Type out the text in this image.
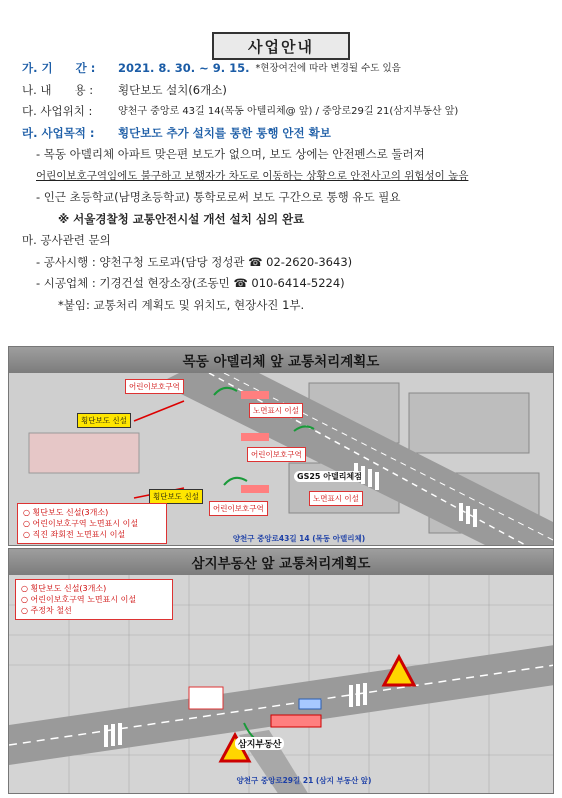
사업안내
가. 기　　간 :	2021. 8. 30. ~ 9. 15. *현장여건에 따라 변경될 수도 있음
나. 내　　용 :	횡단보도 설치(6개소)
다. 사업위치 :	양천구 중앙로 43길 14(목동 아텔리체@ 앞) / 중앙로29길 21(삼지부동산 앞)
라. 사업목적 :	횡단보도 추가 설치를 통한 통행 안전 확보
- 목동 아델리체 아파트 맞은편 보도가 없으며, 보도 상에는 안전펜스로 둘러져
어린이보호구역임에도 불구하고 보행자가 차도로 이동하는 상황으로 안전사고의 위험성이 높음
- 인근 초등학교(남명초등학교) 통학로로써 보도 구간으로 통행 유도 필요
※ 서울경찰청 교통안전시설 개선 설치 심의 완료
마. 공사관련 문의
- 공사시행 : 양천구청 도로과(담당 정성관 ☎ 02-2620-3643)
- 시공업체 : 기경건설 현장소장(조동민 ☎ 010-6414-5224)
*붙임: 교통처리 계획도 및 위치도, 현장사진 1부.
목동 아델리체 앞 교통처리계획도
어린이보호구역
횡단보도 신설
횡단보도 신설
노면표시 이설
어린이보호구역
어린이보호구역
노면표시 이설
GS25 아델리체점
○ 횡단보도 신설(3개소)
○ 어린이보호구역 노면표시 이설
○ 직진 좌회전 노면표시 이설	양천구 중앙로43길 14 (목동 아델리체)
삼지부동산 앞 교통처리계획도
삼지부동산
○ 횡단보도 신설(3개소)
○ 어린이보호구역 노면표시 이설
○ 주정차 철선
양천구 중앙로29길 21 (삼지 부동산 앞)
